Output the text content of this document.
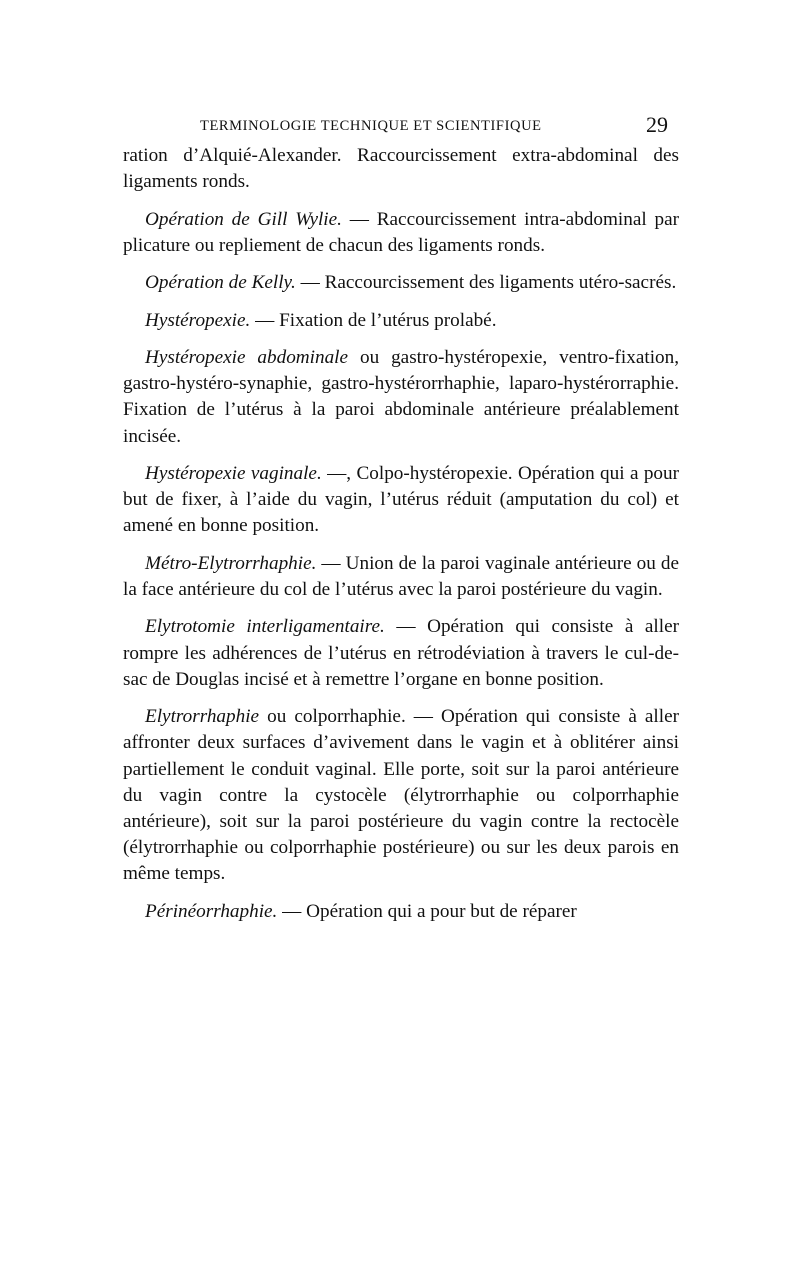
TERMINOLOGIE TECHNIQUE ET SCIENTIFIQUE	29

ration d’Alquié-Alexander. Raccourcissement extra-abdominal des ligaments ronds.

Opération de Gill Wylie. — Raccourcissement intra-abdominal par plicature ou repliement de chacun des ligaments ronds.

Opération de Kelly. — Raccourcissement des ligaments utéro-sacrés.

Hystéropexie. — Fixation de l’utérus prolabé.

Hystéropexie abdominale ou gastro-hystéropexie, ventro-fixation, gastro-hystéro-synaphie, gastro-hystérorrhaphie, laparo-hystérorraphie. Fixation de l’utérus à la paroi abdominale antérieure préalablement incisée.

Hystéropexie vaginale. —, Colpo-hystéropexie. Opération qui a pour but de fixer, à l’aide du vagin, l’utérus réduit (amputation du col) et amené en bonne position.

Métro-Elytrorrhaphie. — Union de la paroi vaginale antérieure ou de la face antérieure du col de l’utérus avec la paroi postérieure du vagin.

Elytrotomie interligamentaire. — Opération qui consiste à aller rompre les adhérences de l’utérus en rétrodéviation à travers le cul-de-sac de Douglas incisé et à remettre l’organe en bonne position.

Elytrorrhaphie ou colporrhaphie. — Opération qui consiste à aller affronter deux surfaces d’avivement dans le vagin et à oblitérer ainsi partiellement le conduit vaginal. Elle porte, soit sur la paroi antérieure du vagin contre la cystocèle (élytrorrhaphie ou colporrhaphie antérieure), soit sur la paroi postérieure du vagin contre la rectocèle (élytrorrhaphie ou colporrhaphie postérieure) ou sur les deux parois en même temps.

Périnéorrhaphie. — Opération qui a pour but de réparer
